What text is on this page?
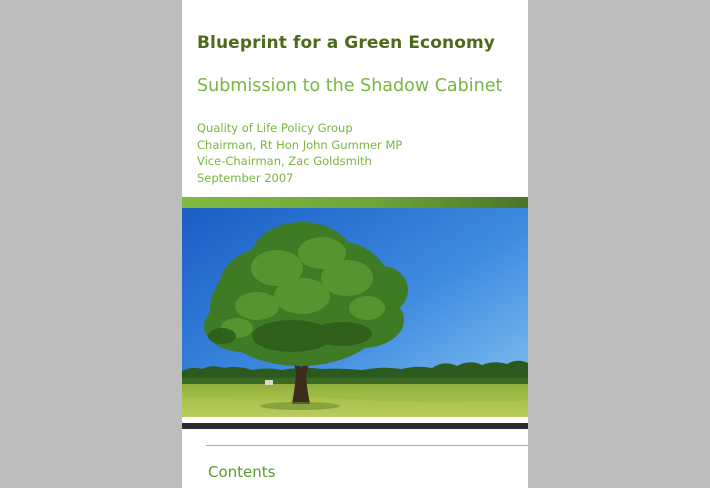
Blueprint for a Green Economy
Submission to the Shadow Cabinet
Quality of Life Policy Group
Chairman, Rt Hon John Gummer MP
Vice-Chairman, Zac Goldsmith
September 2007
Contents
